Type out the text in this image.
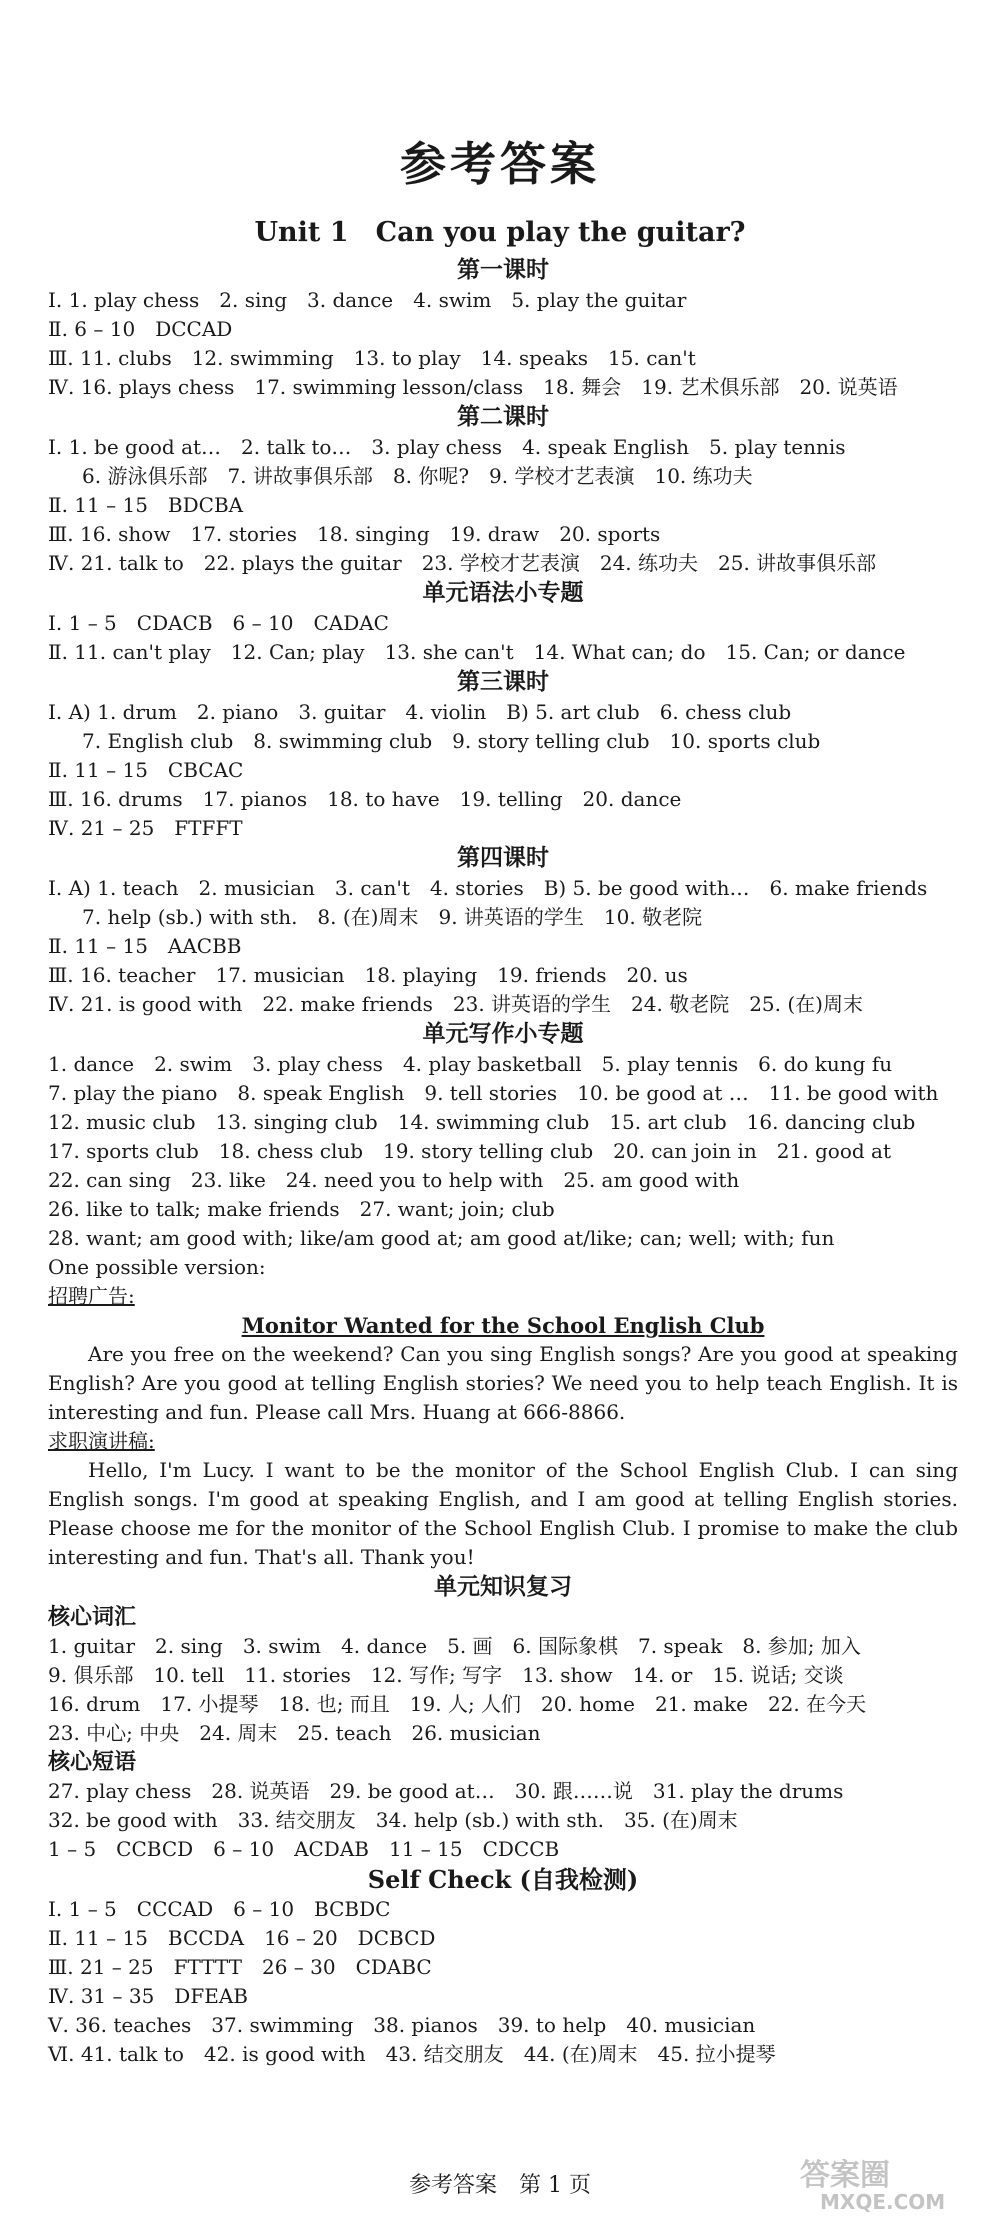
参考答案
Unit 1　Can you play the guitar?
第一课时
Ⅰ. 1. play chess　2. sing　3. dance　4. swim　5. play the guitar
Ⅱ. 6 – 10　DCCAD
Ⅲ. 11. clubs　12. swimming　13. to play　14. speaks　15. can't
Ⅳ. 16. plays chess　17. swimming lesson/class　18. 舞会　19. 艺术俱乐部　20. 说英语
第二课时
Ⅰ. 1. be good at…　2. talk to…　3. play chess　4. speak English　5. play tennis
6. 游泳俱乐部　7. 讲故事俱乐部　8. 你呢?　9. 学校才艺表演　10. 练功夫
Ⅱ. 11 – 15　BDCBA
Ⅲ. 16. show　17. stories　18. singing　19. draw　20. sports
Ⅳ. 21. talk to　22. plays the guitar　23. 学校才艺表演　24. 练功夫　25. 讲故事俱乐部
单元语法小专题
Ⅰ. 1 – 5　CDACB　6 – 10　CADAC
Ⅱ. 11. can't play　12. Can; play　13. she can't　14. What can; do　15. Can; or dance
第三课时
Ⅰ. A) 1. drum　2. piano　3. guitar　4. violin　B) 5. art club　6. chess club
7. English club　8. swimming club　9. story telling club　10. sports club
Ⅱ. 11 – 15　CBCAC
Ⅲ. 16. drums　17. pianos　18. to have　19. telling　20. dance
Ⅳ. 21 – 25　FTFFT
第四课时
Ⅰ. A) 1. teach　2. musician　3. can't　4. stories　B) 5. be good with…　6. make friends
7. help (sb.) with sth.　8. (在)周末　9. 讲英语的学生　10. 敬老院
Ⅱ. 11 – 15　AACBB
Ⅲ. 16. teacher　17. musician　18. playing　19. friends　20. us
Ⅳ. 21. is good with　22. make friends　23. 讲英语的学生　24. 敬老院　25. (在)周末
单元写作小专题
1. dance　2. swim　3. play chess　4. play basketball　5. play tennis　6. do kung fu
7. play the piano　8. speak English　9. tell stories　10. be good at …　11. be good with
12. music club　13. singing club　14. swimming club　15. art club　16. dancing club
17. sports club　18. chess club　19. story telling club　20. can join in　21. good at
22. can sing　23. like　24. need you to help with　25. am good with
26. like to talk; make friends　27. want; join; club
28. want; am good with; like/am good at; am good at/like; can; well; with; fun
One possible version:
招聘广告:
Monitor Wanted for the School English Club

Are you free on the weekend? Can you sing English songs? Are you good at speaking English? Are you good at telling English stories? We need you to help teach English. It is interesting and fun. Please call Mrs. Huang at 666-8866.

求职演讲稿:

Hello, I'm Lucy. I want to be the monitor of the School English Club. I can sing English songs. I'm good at speaking English, and I am good at telling English stories. Please choose me for the monitor of the School English Club. I promise to make the club interesting and fun. That's all. Thank you!

单元知识复习
核心词汇
1. guitar　2. sing　3. swim　4. dance　5. 画　6. 国际象棋　7. speak　8. 参加; 加入
9. 俱乐部　10. tell　11. stories　12. 写作; 写字　13. show　14. or　15. 说话; 交谈
16. drum　17. 小提琴　18. 也; 而且　19. 人; 人们　20. home　21. make　22. 在今天
23. 中心; 中央　24. 周末　25. teach　26. musician
核心短语
27. play chess　28. 说英语　29. be good at…　30. 跟……说　31. play the drums
32. be good with　33. 结交朋友　34. help (sb.) with sth.　35. (在)周末
1 – 5　CCBCD　6 – 10　ACDAB　11 – 15　CDCCB
Self Check (自我检测)
Ⅰ. 1 – 5　CCCAD　6 – 10　BCBDC
Ⅱ. 11 – 15　BCCDA　16 – 20　DCBCD
Ⅲ. 21 – 25　FTTTT　26 – 30　CDABC
Ⅳ. 31 – 35　DFEAB
Ⅴ. 36. teaches　37. swimming　38. pianos　39. to help　40. musician
Ⅵ. 41. talk to　42. is good with　43. 结交朋友　44. (在)周末　45. 拉小提琴
参考答案　第 1 页	答案圈
MXQE.COM
